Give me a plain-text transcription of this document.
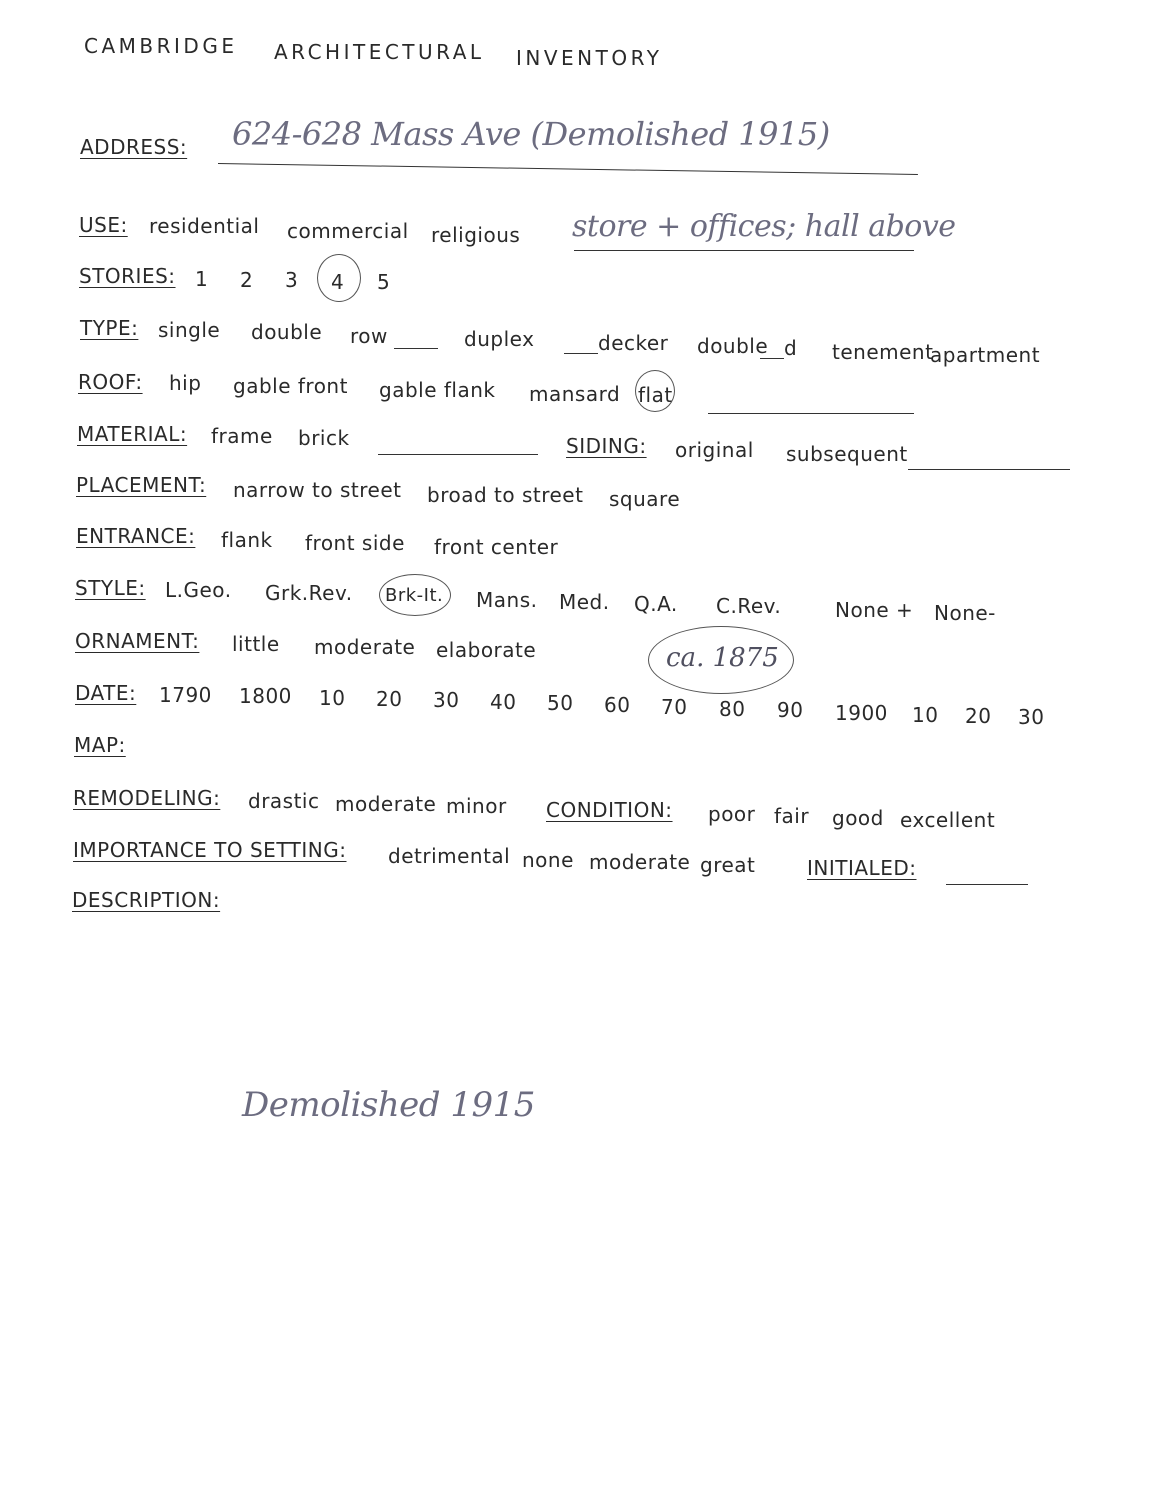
CAMBRIDGE ARCHITECTURAL INVENTORY
ADDRESS: 624-628 Mass Ave (Demolished 1915)
USE: residential commercial religious store + offices; hall above
STORIES: 1 2 3 4 5
TYPE: single double row	duplex	decker double d tenement
apartment
ROOF: hip gable front gable flank mansard flat
MATERIAL: frame brick	SIDING: original subsequent
PLACEMENT: narrow to street broad to street square
ENTRANCE: flank front side front center
STYLE: L.Geo. Grk.Rev. Brk-It. Mans. Med. Q.A. C.Rev.	None + None-
ORNAMENT: little moderate elaborate	ca. 1875
DATE: 1790 1800 10 20 30 40 50 60 70 80 90 1900 10 20 30
MAP:
REMODELING: drastic moderate minor CONDITION: poor fair good excellent
IMPORTANCE TO SETTING: detrimental none moderate great	INITIALED:
DESCRIPTION:
Demolished 1915
